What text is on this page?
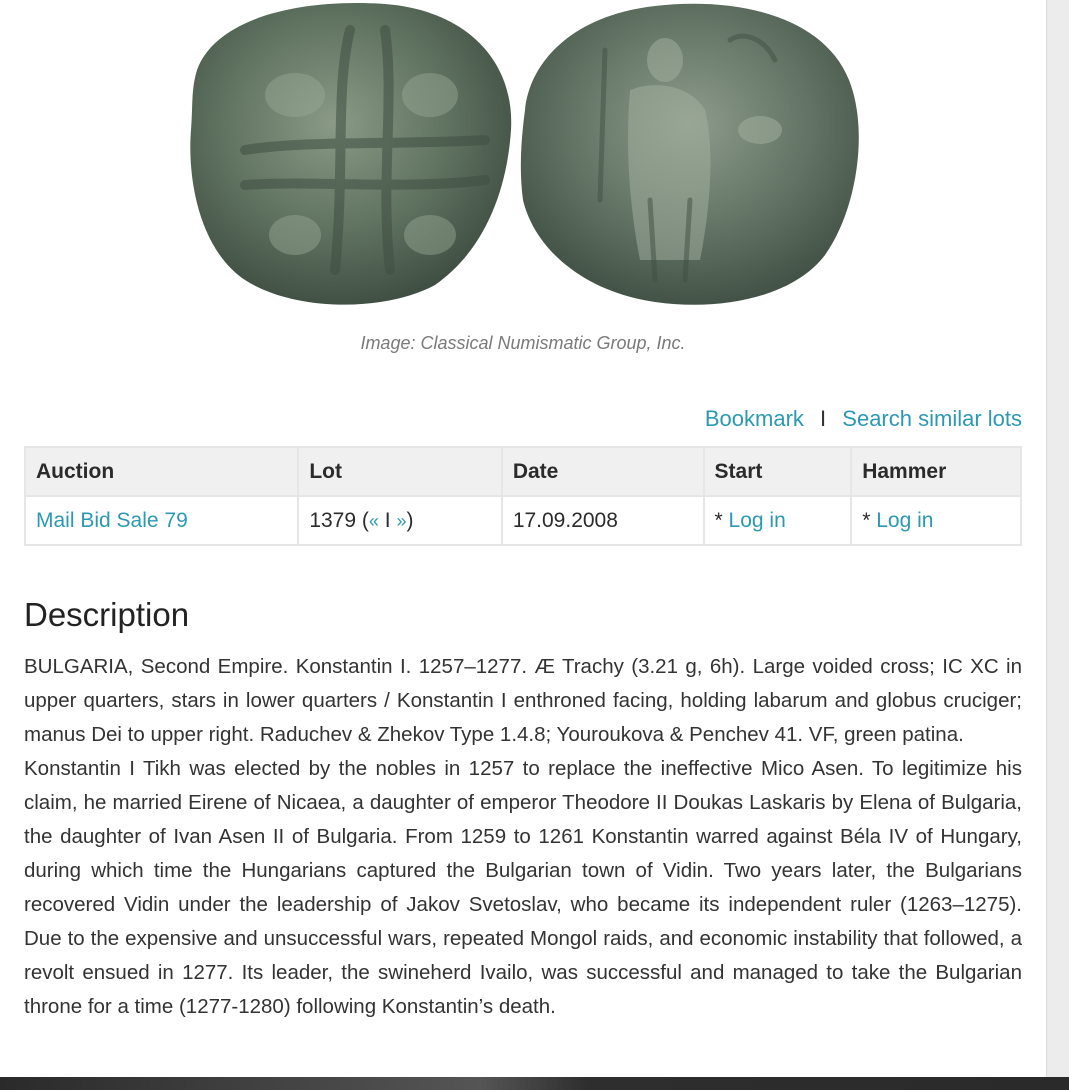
Image: Classical Numismatic Group, Inc.
Bookmark I Search similar lots
Auction	Lot	Date	Start	Hammer
Mail Bid Sale 79	1379 (« I »)	17.09.2008	* Log in	* Log in
Description

BULGARIA, Second Empire. Konstantin I. 1257–1277. Æ Trachy (3.21 g, 6h). Large voided cross; IC XC in upper quarters, stars in lower quarters / Konstantin I enthroned facing, holding labarum and globus cruciger; manus Dei to upper right. Raduchev & Zhekov Type 1.4.8; Youroukova & Penchev 41. VF, green patina.

Konstantin I Tikh was elected by the nobles in 1257 to replace the ineffective Mico Asen. To legitimize his claim, he married Eirene of Nicaea, a daughter of emperor Theodore II Doukas Laskaris by Elena of Bulgaria, the daughter of Ivan Asen II of Bulgaria. From 1259 to 1261 Konstantin warred against Béla IV of Hungary, during which time the Hungarians captured the Bulgarian town of Vidin. Two years later, the Bulgarians recovered Vidin under the leadership of Jakov Svetoslav, who became its independent ruler (1263–1275). Due to the expensive and unsuccessful wars, repeated Mongol raids, and economic instability that followed, a revolt ensued in 1277. Its leader, the swineherd Ivailo, was successful and managed to take the Bulgarian throne for a time (1277-1280) following Konstantin’s death.
